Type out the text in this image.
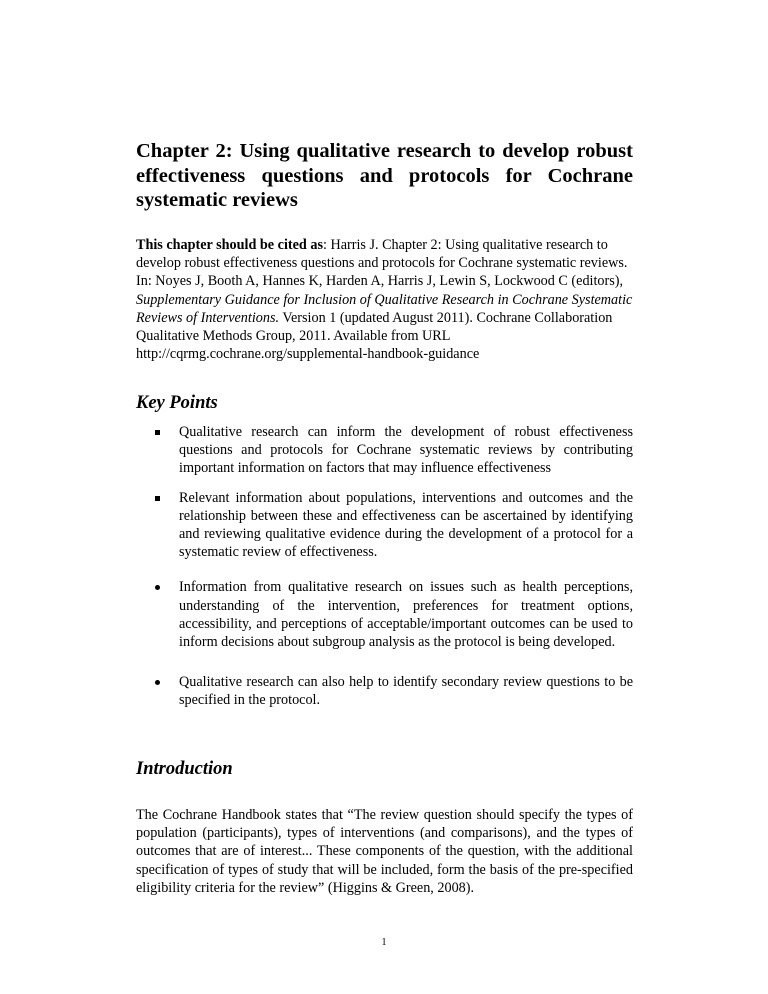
Chapter 2: Using qualitative research to develop robust effectiveness questions and protocols for Cochrane systematic reviews
This chapter should be cited as: Harris J. Chapter 2: Using qualitative research to develop robust effectiveness questions and protocols for Cochrane systematic reviews. In: Noyes J, Booth A, Hannes K, Harden A, Harris J, Lewin S, Lockwood C (editors), Supplementary Guidance for Inclusion of Qualitative Research in Cochrane Systematic Reviews of Interventions. Version 1 (updated August 2011). Cochrane Collaboration Qualitative Methods Group, 2011. Available from URL http://cqrmg.cochrane.org/supplemental-handbook-guidance
Key Points
Qualitative research can inform the development of robust effectiveness questions and protocols for Cochrane systematic reviews by contributing important information on factors that may influence effectiveness
Relevant information about populations, interventions and outcomes and the relationship between these and effectiveness can be ascertained by identifying and reviewing qualitative evidence during the development of a protocol for a systematic review of effectiveness.
Information from qualitative research on issues such as health perceptions, understanding of the intervention, preferences for treatment options, accessibility, and perceptions of acceptable/important outcomes can be used to inform decisions about subgroup analysis as the protocol is being developed.
Qualitative research can also help to identify secondary review questions to be specified in the protocol.
Introduction
The Cochrane Handbook states that “The review question should specify the types of population (participants), types of interventions (and comparisons), and the types of outcomes that are of interest... These components of the question, with the additional specification of types of study that will be included, form the basis of the pre-specified eligibility criteria for the review” (Higgins & Green, 2008).
1
